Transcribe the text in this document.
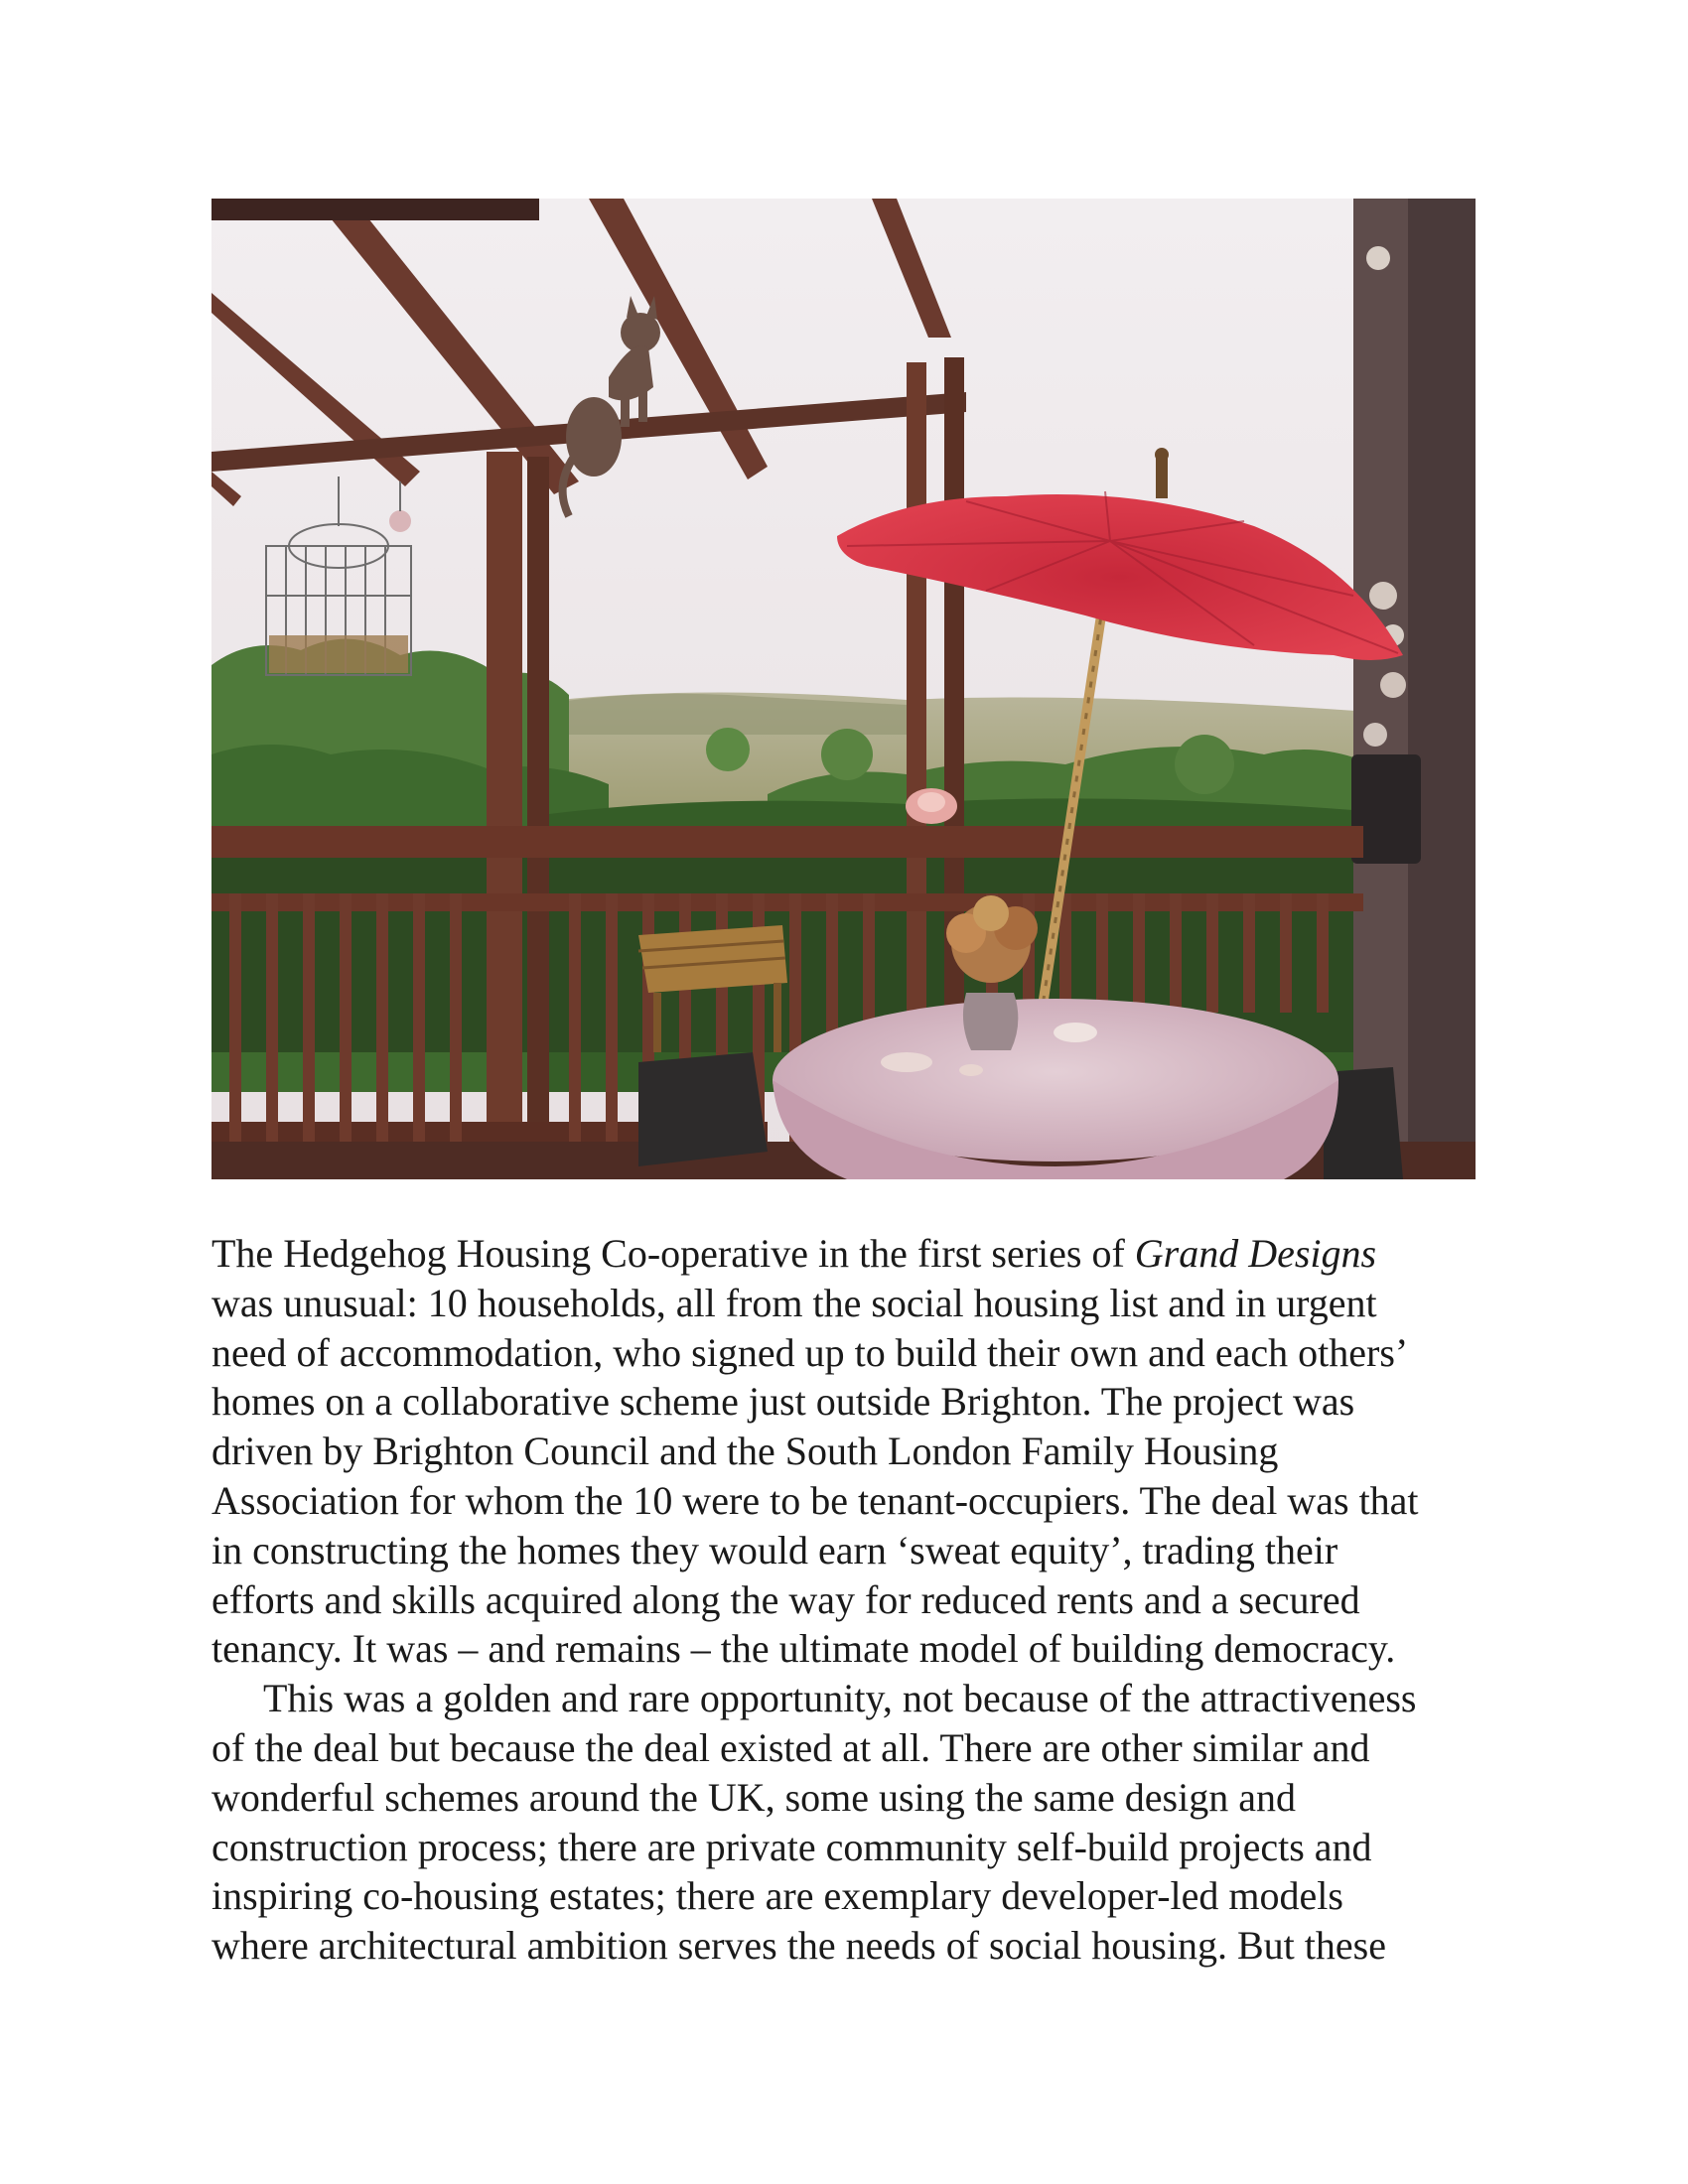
The Hedgehog Housing Co-operative in the first series of Grand Designs
was unusual: 10 households, all from the social housing list and in urgent
need of accommodation, who signed up to build their own and each others’
homes on a collaborative scheme just outside Brighton. The project was
driven by Brighton Council and the South London Family Housing
Association for whom the 10 were to be tenant-occupiers. The deal was that
in constructing the homes they would earn ‘sweat equity’, trading their
efforts and skills acquired along the way for reduced rents and a secured
tenancy. It was – and remains – the ultimate model of building democracy.

This was a golden and rare opportunity, not because of the attractiveness
of the deal but because the deal existed at all. There are other similar and
wonderful schemes around the UK, some using the same design and
construction process; there are private community self-build projects and
inspiring co-housing estates; there are exemplary developer-led models
where architectural ambition serves the needs of social housing. But these
